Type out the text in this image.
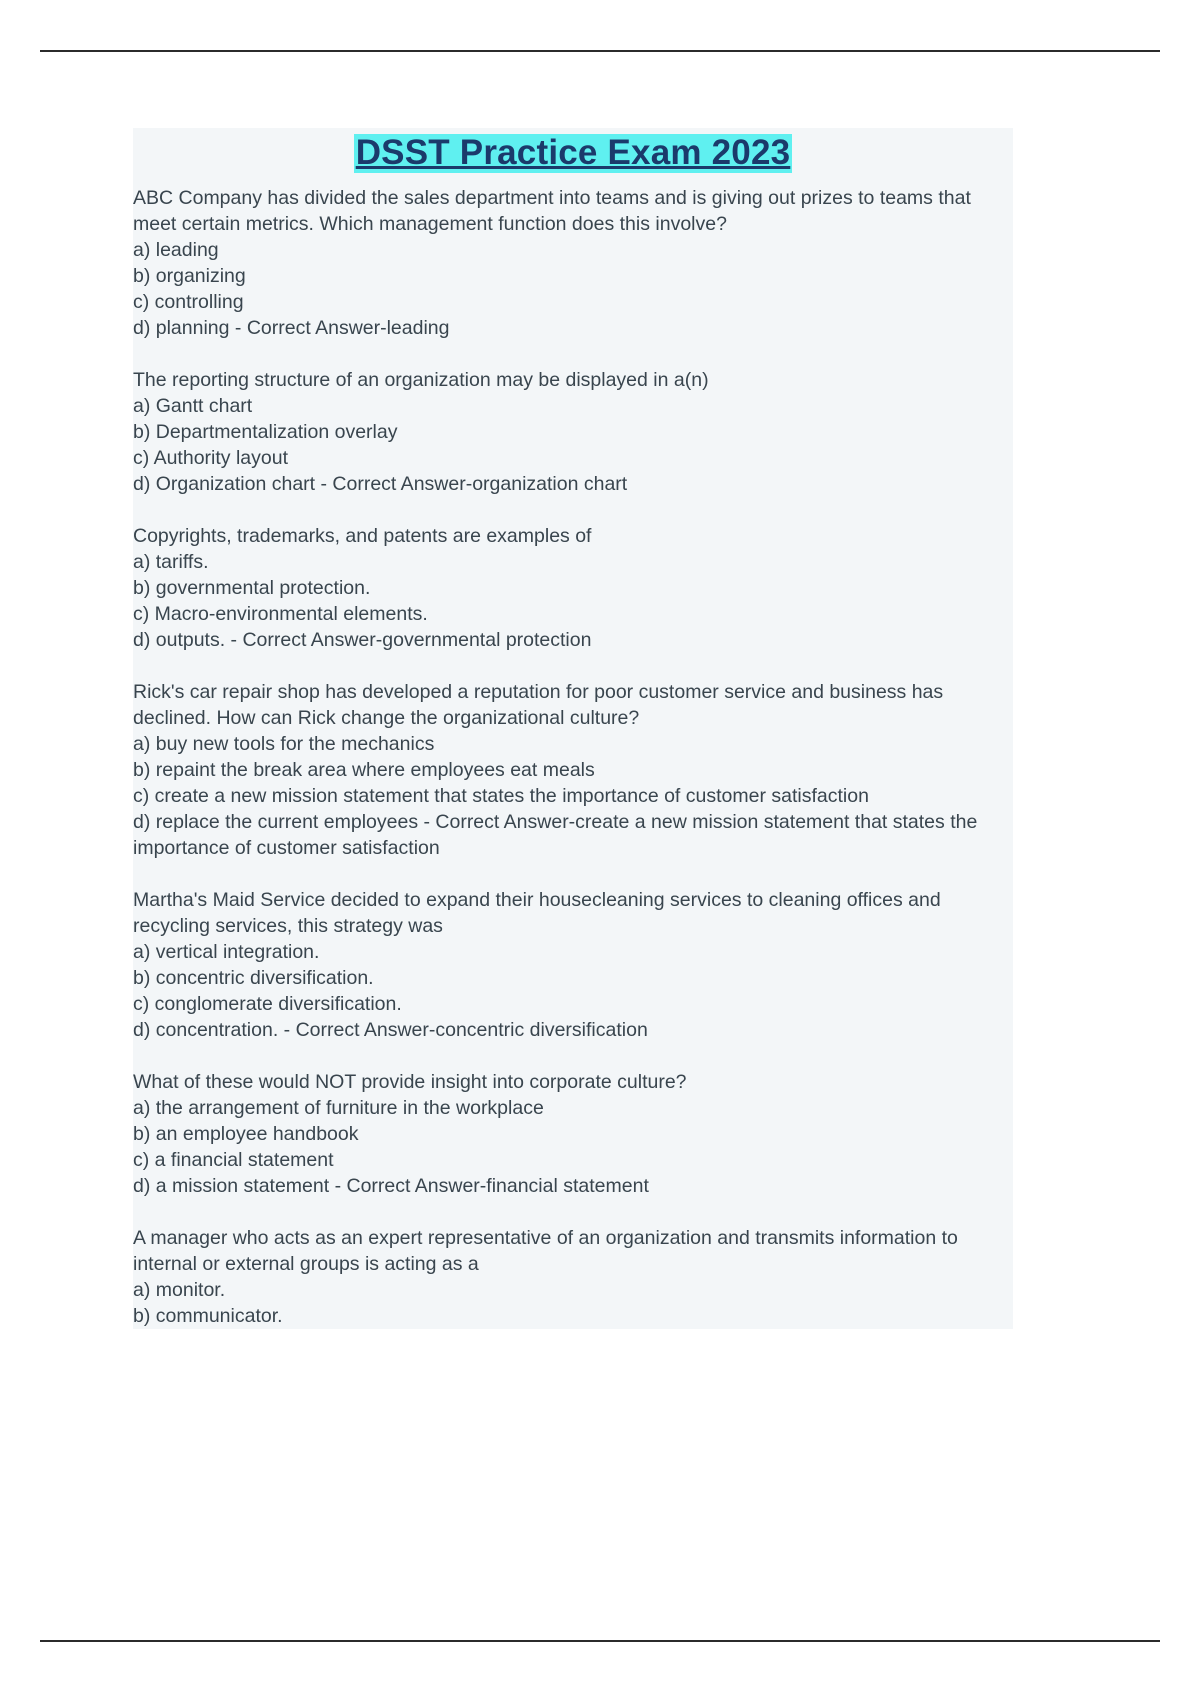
DSST Practice Exam 2023
ABC Company has divided the sales department into teams and is giving out prizes to teams that meet certain metrics. Which management function does this involve?
a) leading
b) organizing
c) controlling
d) planning - Correct Answer-leading
The reporting structure of an organization may be displayed in a(n)
a) Gantt chart
b) Departmentalization overlay
c) Authority layout
d) Organization chart - Correct Answer-organization chart
Copyrights, trademarks, and patents are examples of
a) tariffs.
b) governmental protection.
c) Macro-environmental elements.
d) outputs. - Correct Answer-governmental protection
Rick's car repair shop has developed a reputation for poor customer service and business has declined. How can Rick change the organizational culture?
a) buy new tools for the mechanics
b) repaint the break area where employees eat meals
c) create a new mission statement that states the importance of customer satisfaction
d) replace the current employees - Correct Answer-create a new mission statement that states the importance of customer satisfaction
Martha's Maid Service decided to expand their housecleaning services to cleaning offices and recycling services, this strategy was
a) vertical integration.
b) concentric diversification.
c) conglomerate diversification.
d) concentration. - Correct Answer-concentric diversification
What of these would NOT provide insight into corporate culture?
a) the arrangement of furniture in the workplace
b) an employee handbook
c) a financial statement
d) a mission statement - Correct Answer-financial statement
A manager who acts as an expert representative of an organization and transmits information to internal or external groups is acting as a
a) monitor.
b) communicator.
